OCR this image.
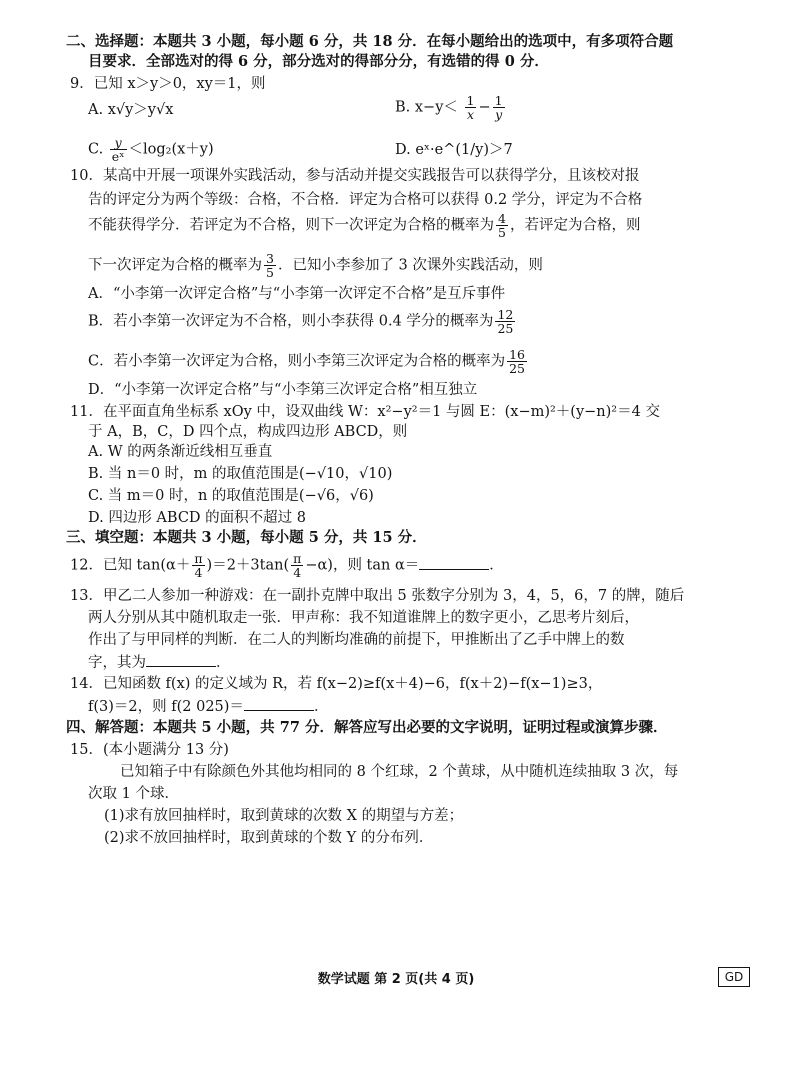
二、选择题：本题共 3 小题，每小题 6 分，共 18 分．在每小题给出的选项中，有多项符合题
目要求．全部选对的得 6 分，部分选对的得部分分，有选错的得 0 分．
9．已知 x＞y＞0，xy＝1，则
A. x√y＞y√x	B. $x-y< \frac{1}{x} - \frac{1}{y}$
C. $\frac{y}{\text{eˣ}} <\log_2(x+y)$	D. eˣ·e^(1/y)＞7
10．某高中开展一项课外实践活动，参与活动并提交实践报告可以获得学分，且该校对报
告的评定分为两个等级：合格，不合格．评定为合格可以获得 0.2 学分，评定为不合格
不能获得学分．若评定为不合格，则下一次评定为合格的概率为 $\frac{4}{5}$ ，若评定为合格，则
下一次评定为合格的概率为 $\frac{3}{5}$ ．已知小李参加了 3 次课外实践活动，则
A．“小李第一次评定合格”与“小李第一次评定不合格”是互斥事件
B．若小李第一次评定为不合格，则小李获得 0.4 学分的概率为 $\frac{12}{25}$
C．若小李第一次评定为合格，则小李第三次评定为合格的概率为 $\frac{16}{25}$
D．“小李第一次评定合格”与“小李第三次评定合格”相互独立
11．在平面直角坐标系 xOy 中，设双曲线 W：x²−y²＝1 与圆 E：(x−m)²＋(y−n)²＝4 交
于 A，B，C，D 四个点，构成四边形 ABCD，则
A. W 的两条渐近线相互垂直
B. 当 n＝0 时，m 的取值范围是(−√10，√10)
C. 当 m＝0 时，n 的取值范围是(−√6，√6)
D. 四边形 ABCD 的面积不超过 8
三、填空题：本题共 3 小题，每小题 5 分，共 15 分．
12．已知 $\tan(\alpha+ \frac{\pi}{4} )=2+3\tan( \frac{\pi}{4} -\alpha)$，则 tan α＝	．
13．甲乙二人参加一种游戏：在一副扑克牌中取出 5 张数字分别为 3，4，5，6，7 的牌，随后
两人分别从其中随机取走一张．甲声称：我不知道谁牌上的数字更小，乙思考片刻后，
作出了与甲同样的判断．在二人的判断均准确的前提下，甲推断出了乙手中牌上的数
字，其为	．
14．已知函数 f(x) 的定义域为 R，若 f(x−2)≥f(x＋4)−6，f(x＋2)−f(x−1)≥3，
f(3)＝2，则 f(2 025)＝	．
四、解答题：本题共 5 小题，共 77 分．解答应写出必要的文字说明，证明过程或演算步骤．
15．(本小题满分 13 分)
已知箱子中有除颜色外其他均相同的 8 个红球，2 个黄球，从中随机连续抽取 3 次，每
次取 1 个球．
(1)求有放回抽样时，取到黄球的次数 X 的期望与方差；
(2)求不放回抽样时，取到黄球的个数 Y 的分布列．
数学试题 第 2 页(共 4 页)	GD
